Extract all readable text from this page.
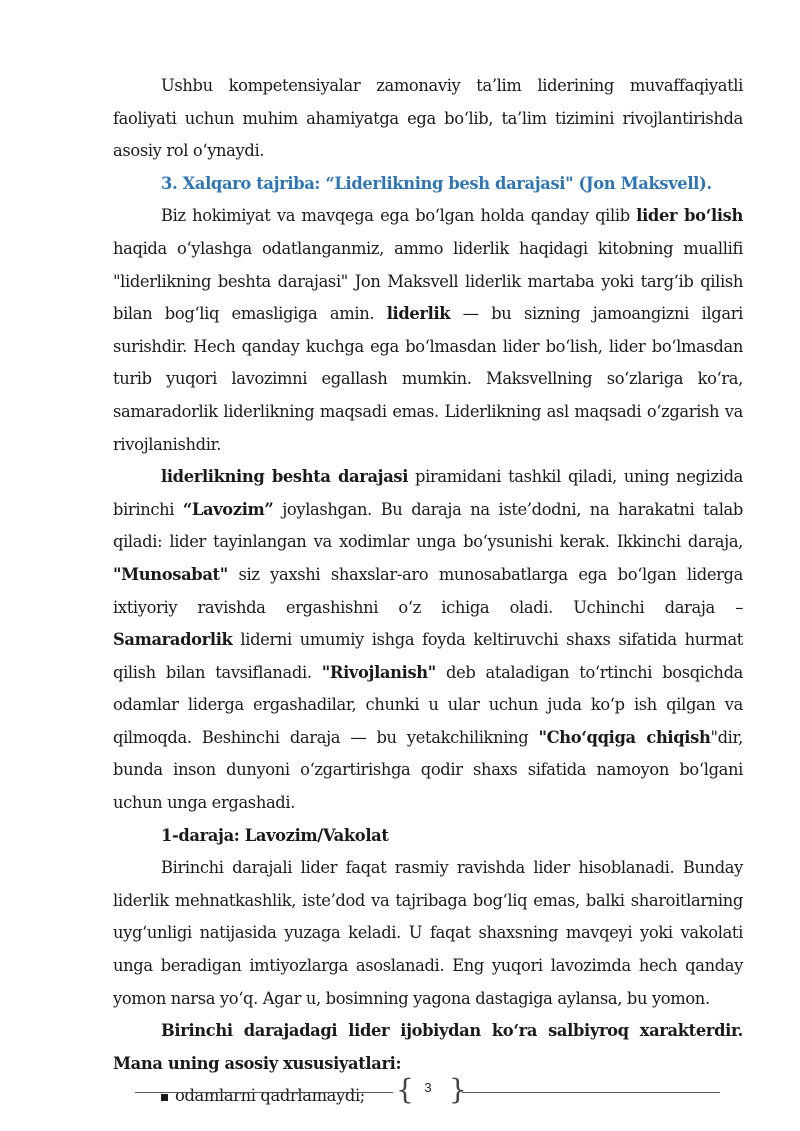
Ushbu kompetensiyalar zamonaviy ta’lim liderining muvaffaqiyatli faoliyati uchun muhim ahamiyatga ega bo‘lib, ta’lim tizimini rivojlantirishda asosiy rol o‘ynaydi.

3. Xalqaro tajriba: “Liderlikning besh darajasi" (Jon Maksvell).

Biz hokimiyat va mavqega ega bo‘lgan holda qanday qilib lider bo‘lish haqida o‘ylashga odatlanganmiz, ammo liderlik haqidagi kitobning muallifi "liderlikning beshta darajasi" Jon Maksvell liderlik martaba yoki targ‘ib qilish bilan bog‘liq emasligiga amin. liderlik — bu sizning jamoangizni ilgari surishdir. Hech qanday kuchga ega bo‘lmasdan lider bo‘lish, lider bo‘lmasdan turib yuqori lavozimni egallash mumkin. Maksvellning so‘zlariga ko‘ra, samaradorlik liderlikning maqsadi emas. Liderlikning asl maqsadi o‘zgarish va rivojlanishdir.

liderlikning beshta darajasi piramidani tashkil qiladi, uning negizida birinchi “Lavozim” joylashgan. Bu daraja na iste’dodni, na harakatni talab qiladi: lider tayinlangan va xodimlar unga bo‘ysunishi kerak. Ikkinchi daraja, "Munosabat" siz yaxshi shaxslar-aro munosabatlarga ega bo‘lgan liderga ixtiyoriy ravishda ergashishni o‘z ichiga oladi. Uchinchi daraja – Samaradorlik liderni umumiy ishga foyda keltiruvchi shaxs sifatida hurmat qilish bilan tavsiflanadi. "Rivojlanish" deb ataladigan to‘rtinchi bosqichda odamlar liderga ergashadilar, chunki u ular uchun juda ko‘p ish qilgan va qilmoqda. Beshinchi daraja — bu yetakchilikning "Cho‘qqiga chiqish"dir, bunda inson dunyoni o‘zgartirishga qodir shaxs sifatida namoyon bo‘lgani uchun unga ergashadi.

1-daraja: Lavozim/Vakolat

Birinchi darajali lider faqat rasmiy ravishda lider hisoblanadi. Bunday liderlik mehnatkashlik, iste’dod va tajribaga bog‘liq emas, balki sharoitlarning uyg‘unligi natijasida yuzaga keladi. U faqat shaxsning mavqeyi yoki vakolati unga beradigan imtiyozlarga asoslanadi. Eng yuqori lavozimda hech qanday yomon narsa yo‘q. Agar u, bosimning yagona dastagiga aylansa, bu yomon.

Birinchi darajadagi lider ijobiydan ko‘ra salbiyroq xarakterdir. Mana uning asosiy xususiyatlari:

odamlarni qadrlamaydi;	{ 3 }
